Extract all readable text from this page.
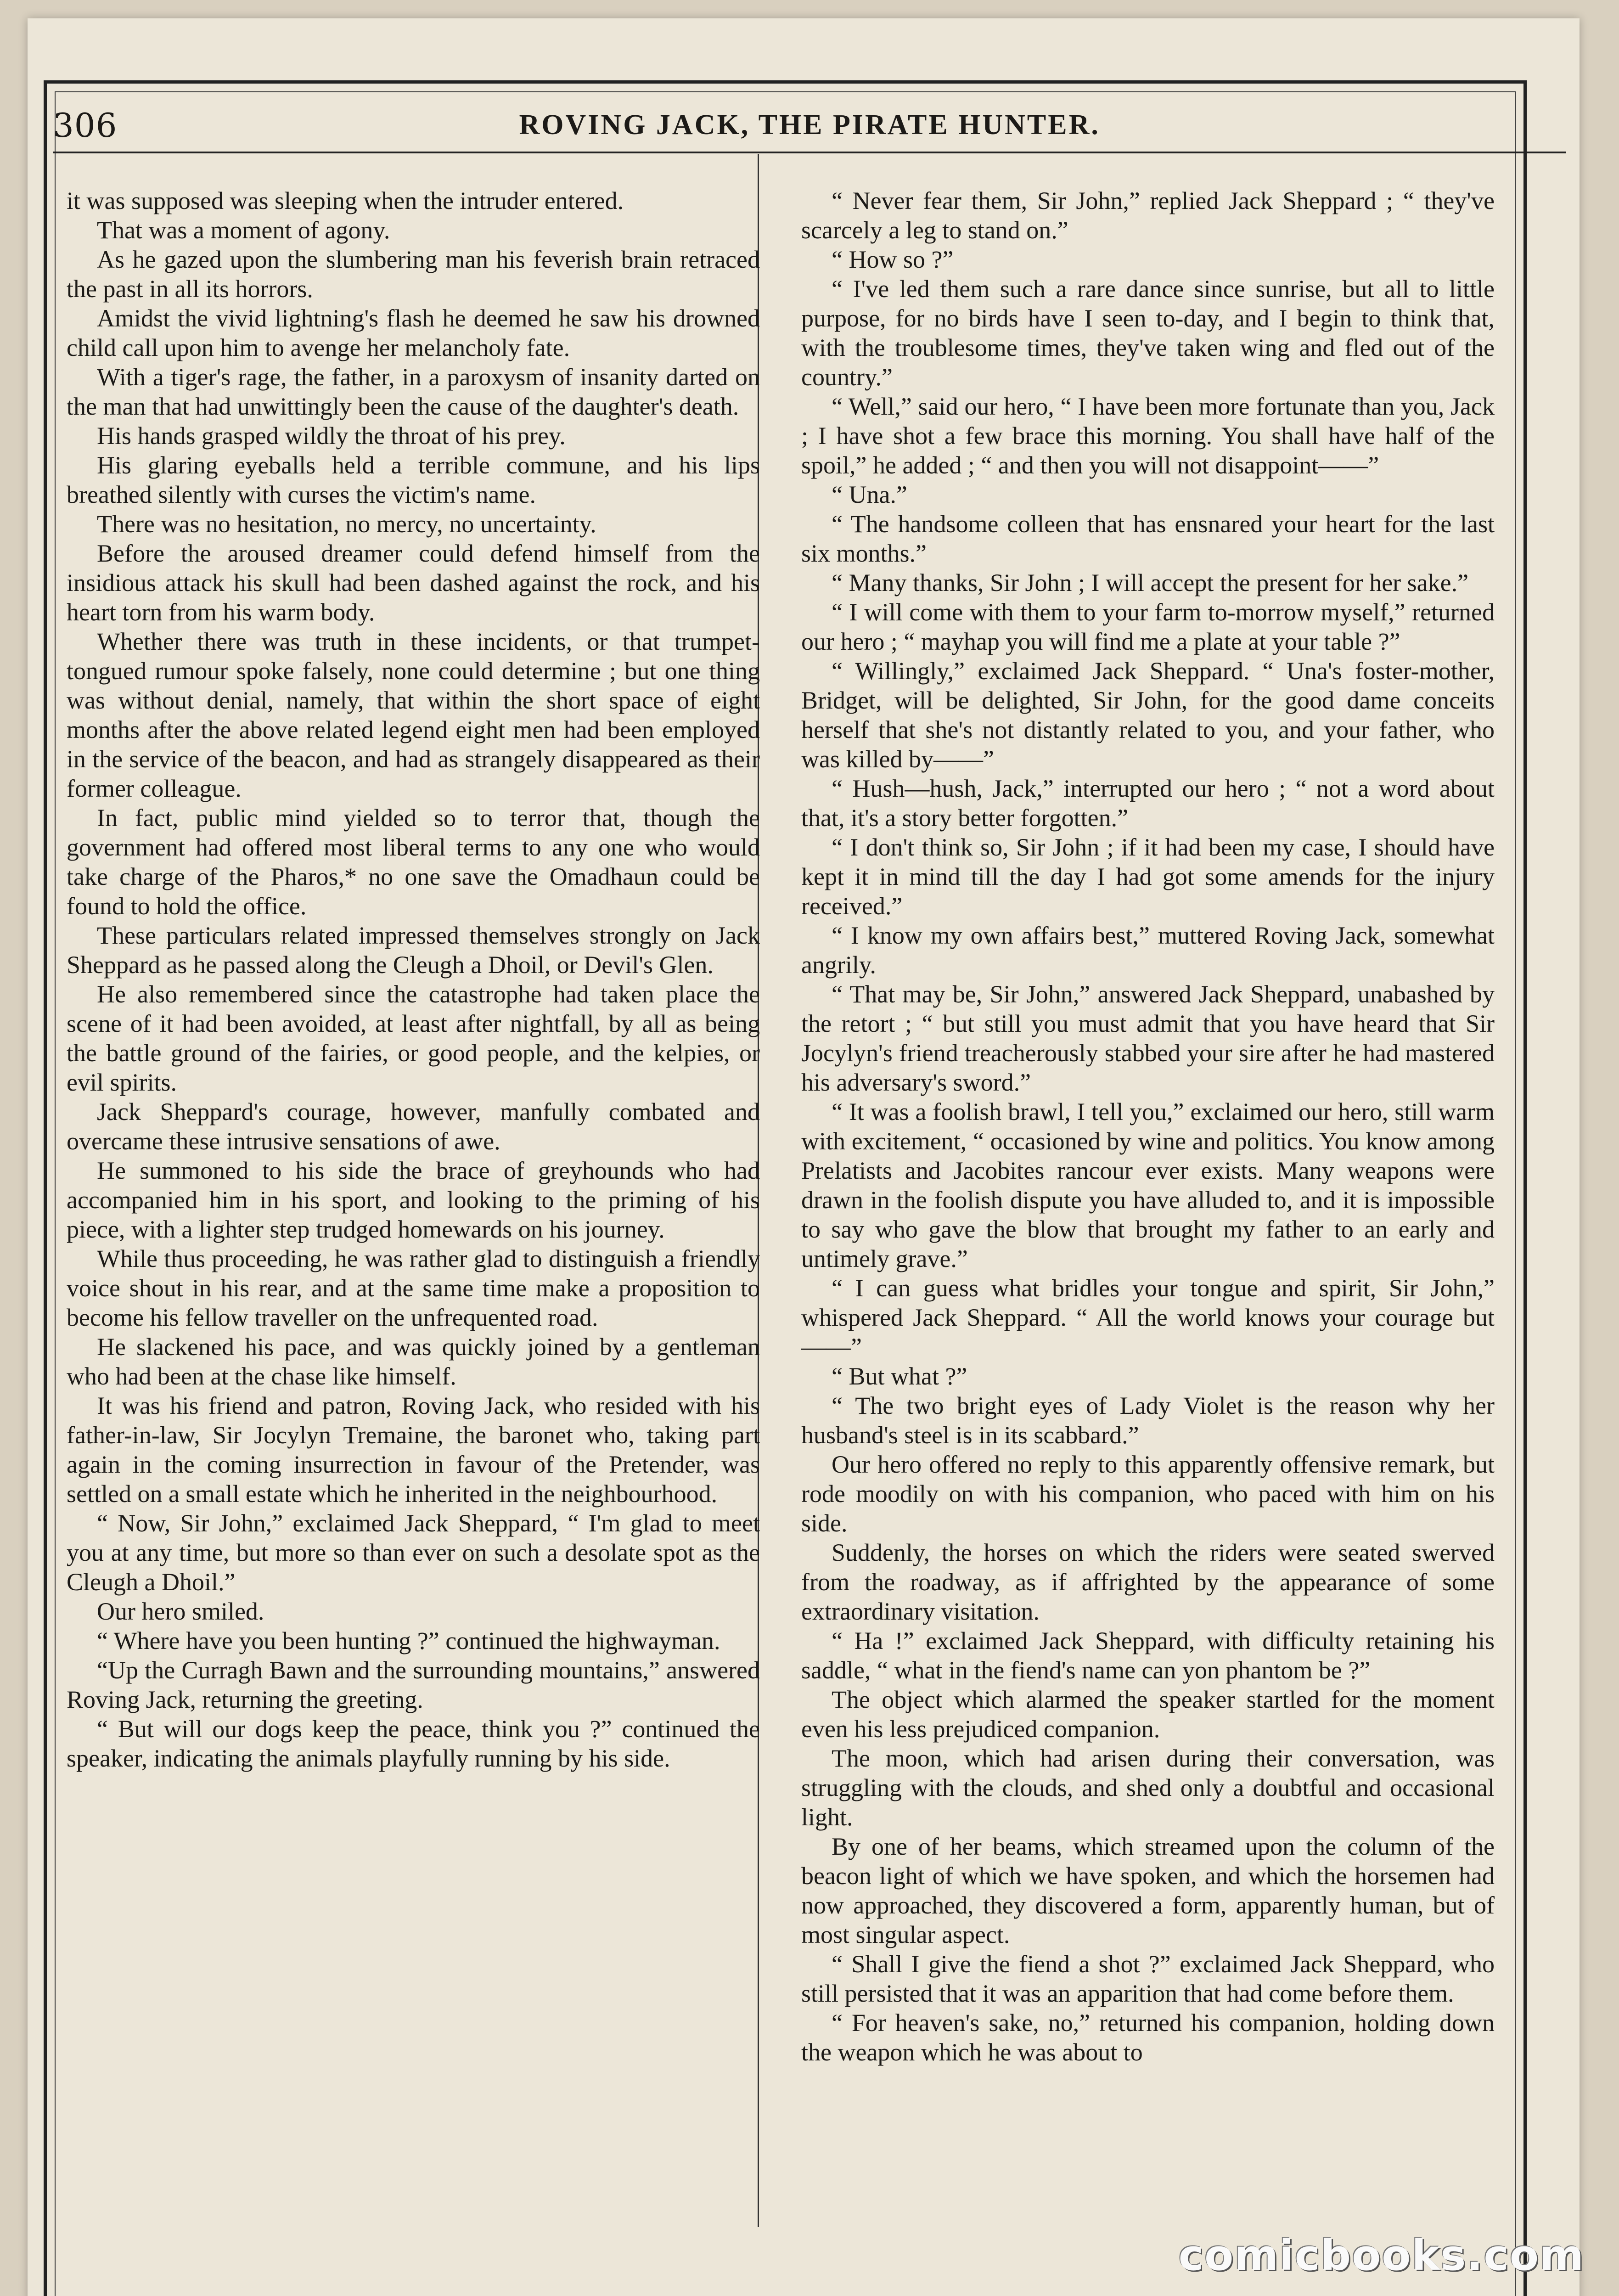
306	ROVING JACK, THE PIRATE HUNTER.

it was supposed was sleeping when the intruder entered.

That was a moment of agony.

As he gazed upon the slumbering man his feverish brain retraced the past in all its horrors.

Amidst the vivid lightning's flash he deemed he saw his drowned child call upon him to avenge her melancholy fate.

With a tiger's rage, the father, in a paroxysm of insanity darted on the man that had unwittingly been the cause of the daughter's death.

His hands grasped wildly the throat of his prey.

His glaring eyeballs held a terrible commune, and his lips breathed silently with curses the victim's name.

There was no hesitation, no mercy, no uncertainty.

Before the aroused dreamer could defend himself from the insidious attack his skull had been dashed against the rock, and his heart torn from his warm body.

Whether there was truth in these incidents, or that trumpet-tongued rumour spoke falsely, none could determine ; but one thing was without denial, namely, that within the short space of eight months after the above related legend eight men had been employed in the service of the beacon, and had as strangely disappeared as their former colleague.

In fact, public mind yielded so to terror that, though the government had offered most liberal terms to any one who would take charge of the Pharos,* no one save the Omadhaun could be found to hold the office.

These particulars related impressed themselves strongly on Jack Sheppard as he passed along the Cleugh a Dhoil, or Devil's Glen.

He also remembered since the catastrophe had taken place the scene of it had been avoided, at least after nightfall, by all as being the battle ground of the fairies, or good people, and the kelpies, or evil spirits.

Jack Sheppard's courage, however, manfully combated and overcame these intrusive sensations of awe.

He summoned to his side the brace of greyhounds who had accompanied him in his sport, and looking to the priming of his piece, with a lighter step trudged homewards on his journey.

While thus proceeding, he was rather glad to distinguish a friendly voice shout in his rear, and at the same time make a proposition to become his fellow traveller on the unfrequented road.

He slackened his pace, and was quickly joined by a gentleman who had been at the chase like himself.

It was his friend and patron, Roving Jack, who resided with his father-in-law, Sir Jocylyn Tremaine, the baronet who, taking part again in the coming insurrection in favour of the Pretender, was settled on a small estate which he inherited in the neighbourhood.

“ Now, Sir John,” exclaimed Jack Sheppard, “ I'm glad to meet you at any time, but more so than ever on such a desolate spot as the Cleugh a Dhoil.”

Our hero smiled.

“ Where have you been hunting ?” continued the highwayman.

“Up the Curragh Bawn and the surrounding mountains,” answered Roving Jack, returning the greeting.

“ But will our dogs keep the peace, think you ?” continued the speaker, indicating the animals playfully running by his side.

“ Never fear them, Sir John,” replied Jack Sheppard ; “ they've scarcely a leg to stand on.”

“ How so ?”

“ I've led them such a rare dance since sunrise, but all to little purpose, for no birds have I seen to-day, and I begin to think that, with the troublesome times, they've taken wing and fled out of the country.”

“ Well,” said our hero, “ I have been more fortunate than you, Jack ; I have shot a few brace this morning. You shall have half of the spoil,” he added ; “ and then you will not disappoint——”

“ Una.”

“ The handsome colleen that has ensnared your heart for the last six months.”

“ Many thanks, Sir John ; I will accept the present for her sake.”

“ I will come with them to your farm to-morrow myself,” returned our hero ; “ mayhap you will find me a plate at your table ?”

“ Willingly,” exclaimed Jack Sheppard. “ Una's foster-mother, Bridget, will be delighted, Sir John, for the good dame conceits herself that she's not distantly related to you, and your father, who was killed by——”

“ Hush—hush, Jack,” interrupted our hero ; “ not a word about that, it's a story better forgotten.”

“ I don't think so, Sir John ; if it had been my case, I should have kept it in mind till the day I had got some amends for the injury received.”

“ I know my own affairs best,” muttered Roving Jack, somewhat angrily.

“ That may be, Sir John,” answered Jack Sheppard, unabashed by the retort ; “ but still you must admit that you have heard that Sir Jocylyn's friend treacherously stabbed your sire after he had mastered his adversary's sword.”

“ It was a foolish brawl, I tell you,” exclaimed our hero, still warm with excitement, “ occasioned by wine and politics. You know among Prelatists and Jacobites rancour ever exists. Many weapons were drawn in the foolish dispute you have alluded to, and it is impossible to say who gave the blow that brought my father to an early and untimely grave.”

“ I can guess what bridles your tongue and spirit, Sir John,” whispered Jack Sheppard. “ All the world knows your courage but——”

“ But what ?”

“ The two bright eyes of Lady Violet is the reason why her husband's steel is in its scabbard.”

Our hero offered no reply to this apparently offensive remark, but rode moodily on with his companion, who paced with him on his side.

Suddenly, the horses on which the riders were seated swerved from the roadway, as if affrighted by the appearance of some extraordinary visitation.

“ Ha !” exclaimed Jack Sheppard, with difficulty retaining his saddle, “ what in the fiend's name can yon phantom be ?”

The object which alarmed the speaker startled for the moment even his less prejudiced companion.

The moon, which had arisen during their conversation, was struggling with the clouds, and shed only a doubtful and occasional light.

By one of her beams, which streamed upon the column of the beacon light of which we have spoken, and which the horsemen had now approached, they discovered a form, apparently human, but of most singular aspect.

“ Shall I give the fiend a shot ?” exclaimed Jack Sheppard, who still persisted that it was an apparition that had come before them.

“ For heaven's sake, no,” returned his companion, holding down the weapon which he was about to

comicbooks.com
